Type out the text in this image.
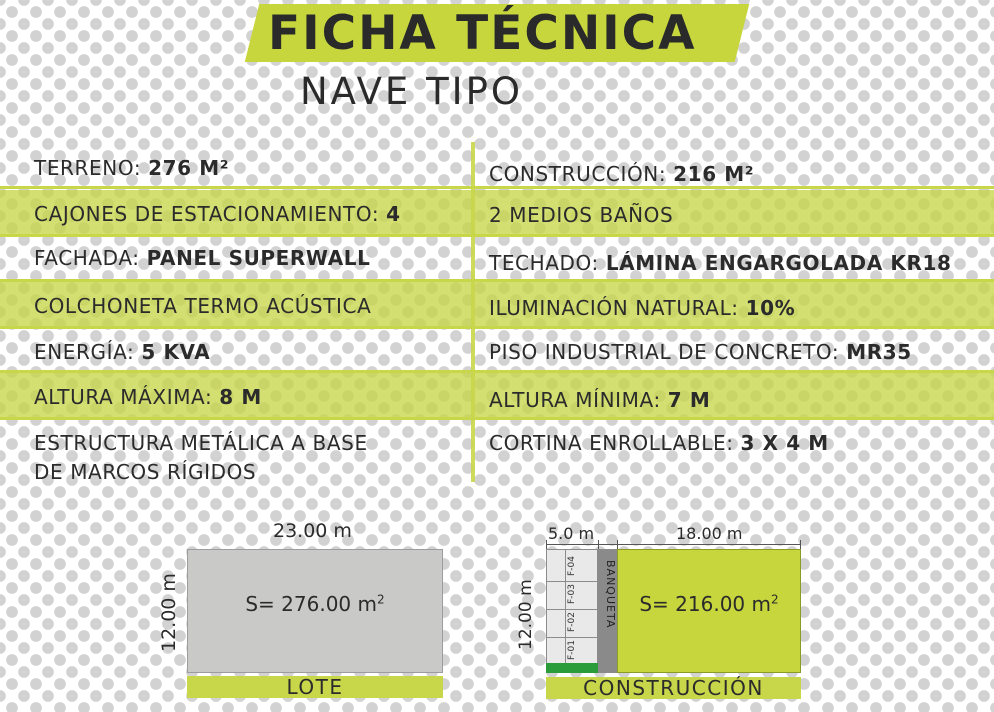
FICHA TÉCNICA
NAVE TIPO
TERRENO: 276 M²
CAJONES DE ESTACIONAMIENTO: 4
FACHADA: PANEL SUPERWALL
COLCHONETA TERMO ACÚSTICA
ENERGÍA: 5 KVA
ALTURA MÁXIMA: 8 M
ESTRUCTURA METÁLICA A BASE
DE MARCOS RÍGIDOS
CONSTRUCCIÓN: 216 M²
2 MEDIOS BAÑOS
TECHADO: LÁMINA ENGARGOLADA KR18
ILUMINACIÓN NATURAL: 10%
PISO INDUSTRIAL DE CONCRETO: MR35
ALTURA MÍNIMA: 7 M
CORTINA ENROLLABLE: 3 X 4 M
23.00 m
12.00 m	S= 276.00 $m^2$
LOTE
5.0 m	18.00 m
12.00 m	F-01
F-02
F-03
F-04	BANQUETA	S= 216.00 $m^2$
CONSTRUCCIÓN
